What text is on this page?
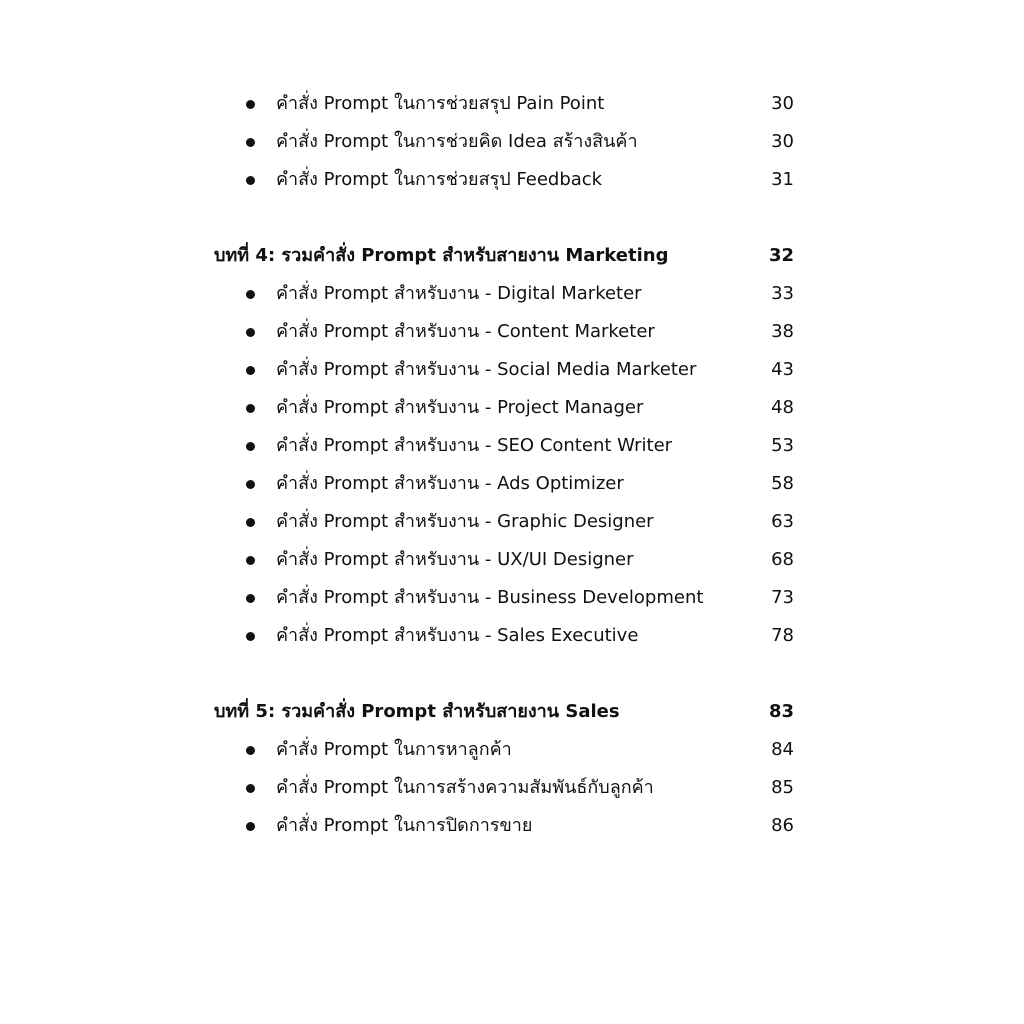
คำสั่ง Prompt ในการช่วยสรุป Pain Point	30
คำสั่ง Prompt ในการช่วยคิด Idea สร้างสินค้า	30
คำสั่ง Prompt ในการช่วยสรุป Feedback	31
บทที่ 4: รวมคำสั่ง Prompt สำหรับสายงาน Marketing	32
คำสั่ง Prompt สำหรับงาน - Digital Marketer	33
คำสั่ง Prompt สำหรับงาน - Content Marketer	38
คำสั่ง Prompt สำหรับงาน - Social Media Marketer	43
คำสั่ง Prompt สำหรับงาน - Project Manager	48
คำสั่ง Prompt สำหรับงาน - SEO Content Writer	53
คำสั่ง Prompt สำหรับงาน - Ads Optimizer	58
คำสั่ง Prompt สำหรับงาน - Graphic Designer	63
คำสั่ง Prompt สำหรับงาน - UX/UI Designer	68
คำสั่ง Prompt สำหรับงาน - Business Development	73
คำสั่ง Prompt สำหรับงาน - Sales Executive	78
บทที่ 5: รวมคำสั่ง Prompt สำหรับสายงาน Sales	83
คำสั่ง Prompt ในการหาลูกค้า	84
คำสั่ง Prompt ในการสร้างความสัมพันธ์กับลูกค้า	85
คำสั่ง Prompt ในการปิดการขาย	86
